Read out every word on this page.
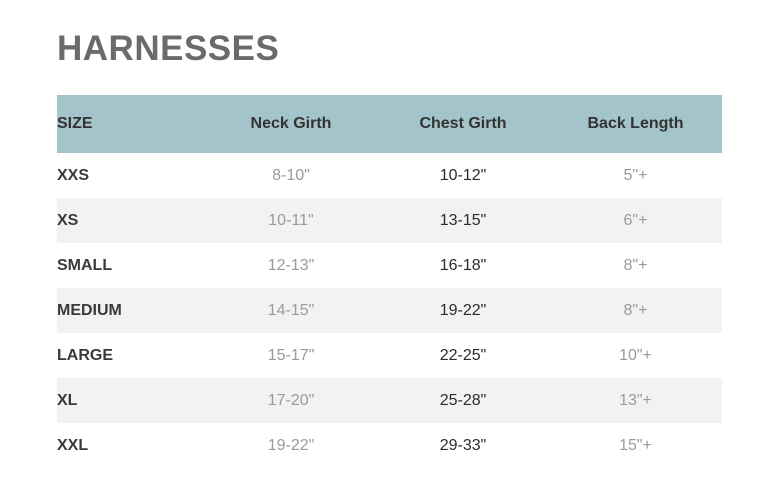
HARNESSES
SIZE	Neck Girth	Chest Girth	Back Length
XXS	8-10"	10-12"	5"+
XS	10-11"	13-15"	6"+
SMALL	12-13"	16-18"	8"+
MEDIUM	14-15"	19-22"	8"+
LARGE	15-17"	22-25"	10"+
XL	17-20"	25-28"	13"+
XXL	19-22"	29-33"	15"+
